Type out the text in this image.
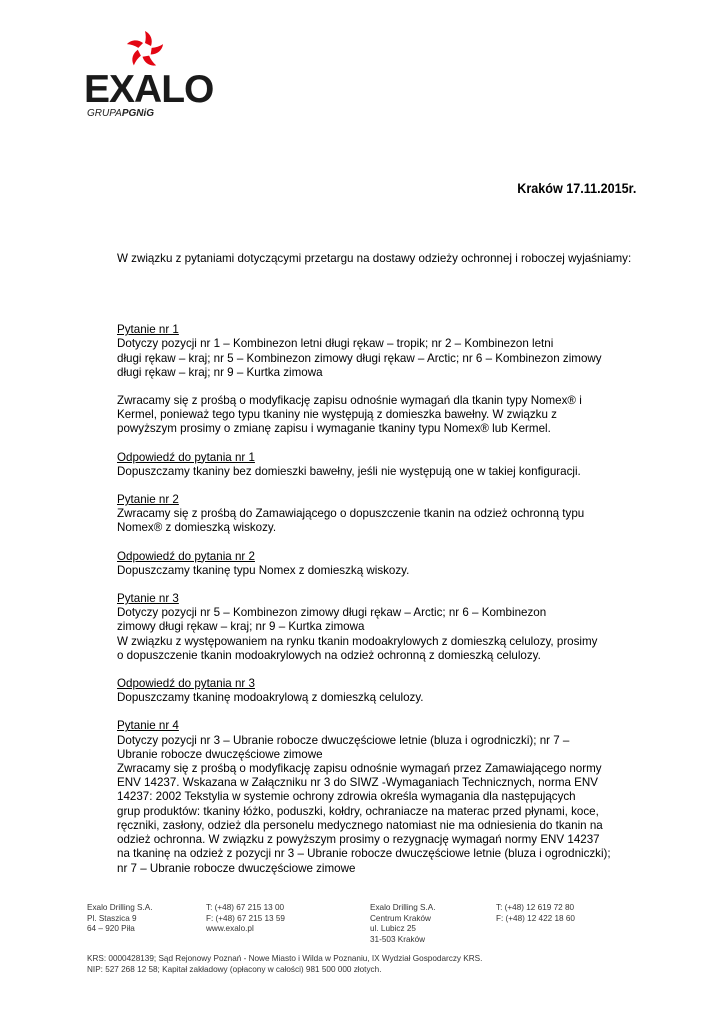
EXALO
GRUPAPGNiG
Kraków 17.11.2015r.

W związku z pytaniami dotyczącymi przetargu na dostawy odzieży ochronnej i roboczej wyjaśniamy:

Pytanie nr 1

Dotyczy pozycji nr 1 – Kombinezon letni długi rękaw – tropik; nr 2 – Kombinezon letni

długi rękaw – kraj; nr 5 – Kombinezon zimowy długi rękaw – Arctic; nr 6 – Kombinezon zimowy

długi rękaw – kraj; nr 9 – Kurtka zimowa

Zwracamy się z prośbą o modyfikację zapisu odnośnie wymagań dla tkanin typy Nomex® i

Kermel, ponieważ tego typu tkaniny nie występują z domieszka bawełny. W związku z

powyższym prosimy o zmianę zapisu i wymaganie tkaniny typu Nomex® lub Kermel.

Odpowiedź do pytania nr 1

Dopuszczamy tkaniny bez domieszki bawełny, jeśli nie występują one w takiej konfiguracji.

Pytanie nr 2

Zwracamy się z prośbą do Zamawiającego o dopuszczenie tkanin na odzież ochronną typu

Nomex® z domieszką wiskozy.

Odpowiedź do pytania nr 2

Dopuszczamy tkaninę typu Nomex z domieszką wiskozy.

Pytanie nr 3

Dotyczy pozycji nr 5 – Kombinezon zimowy długi rękaw – Arctic; nr 6 – Kombinezon

zimowy długi rękaw – kraj; nr 9 – Kurtka zimowa

W związku z występowaniem na rynku tkanin modoakrylowych z domieszką celulozy, prosimy

o dopuszczenie tkanin modoakrylowych na odzież ochronną z domieszką celulozy.

Odpowiedź do pytania nr 3

Dopuszczamy tkaninę modoakrylową z domieszką celulozy.

Pytanie nr 4

Dotyczy pozycji nr 3 – Ubranie robocze dwuczęściowe letnie (bluza i ogrodniczki); nr 7 –

Ubranie robocze dwuczęściowe zimowe

Zwracamy się z prośbą o modyfikację zapisu odnośnie wymagań przez Zamawiającego normy

ENV 14237. Wskazana w Załączniku nr 3 do SIWZ -Wymaganiach Technicznych, norma ENV

14237: 2002 Tekstylia w systemie ochrony zdrowia określa wymagania dla następujących

grup produktów: tkaniny łóżko, poduszki, kołdry, ochraniacze na materac przed płynami, koce,

ręczniki, zasłony, odzież dla personelu medycznego natomiast nie ma odniesienia do tkanin na

odzież ochronna. W związku z powyższym prosimy o rezygnację wymagań normy ENV 14237

na tkaninę na odzież z pozycji nr 3 – Ubranie robocze dwuczęściowe letnie (bluza i ogrodniczki);

nr 7 – Ubranie robocze dwuczęściowe zimowe

Exalo Drilling S.A.
Pl. Staszica 9
64 – 920 Piła
T: (+48) 67 215 13 00
F: (+48) 67 215 13 59
www.exalo.pl
Exalo Drilling S.A.
Centrum Kraków
ul. Lubicz 25
31-503 Kraków
T: (+48) 12 619 72 80
F: (+48) 12 422 18 60
KRS: 0000428139; Sąd Rejonowy Poznań - Nowe Miasto i Wilda w Poznaniu, IX Wydział Gospodarczy KRS.
NIP: 527 268 12 58; Kapitał zakładowy (opłacony w całości) 981 500 000 złotych.
